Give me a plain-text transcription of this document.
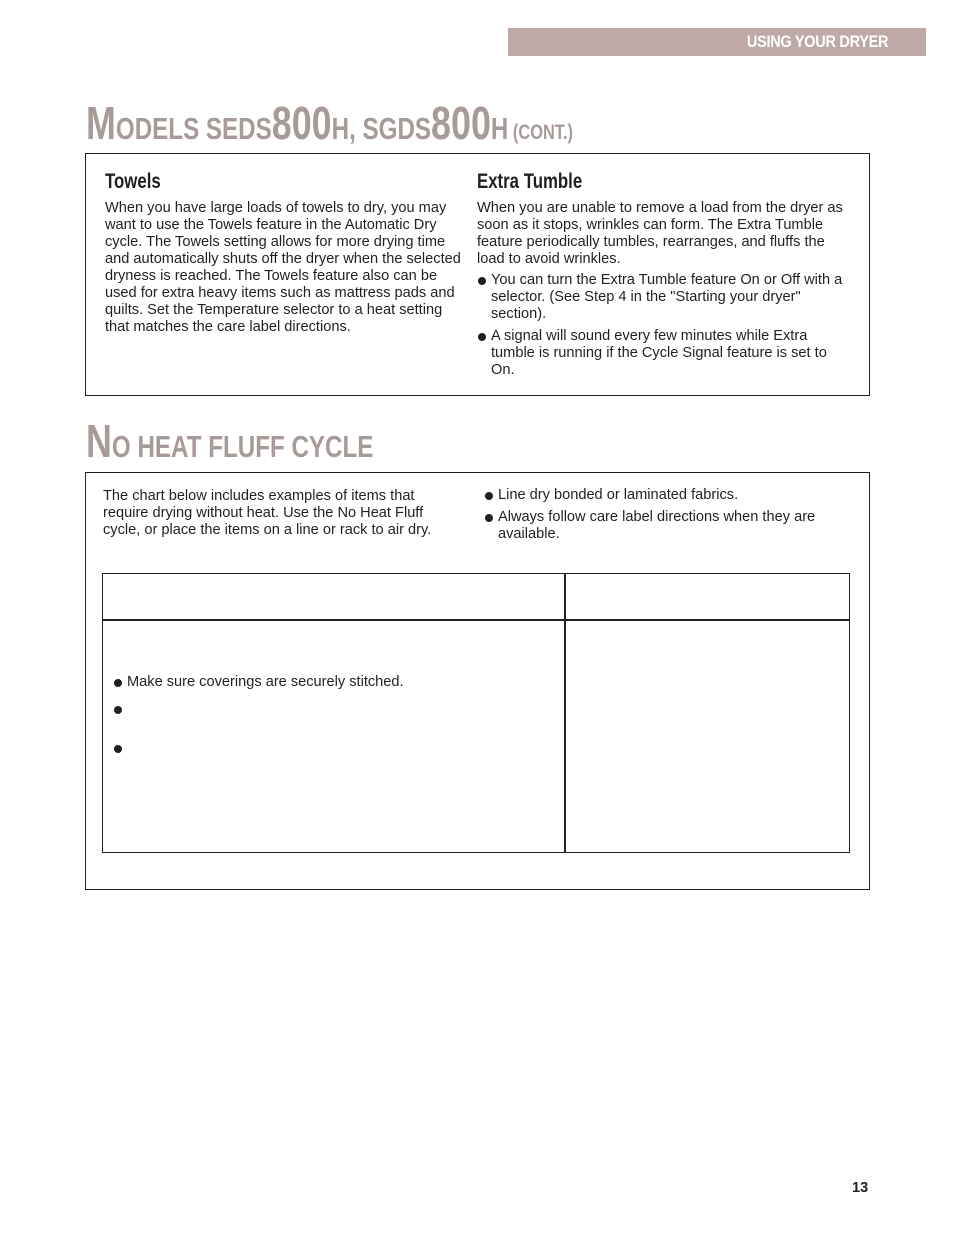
USING YOUR DRYER
MODELS SEDS800H, SGDS800H (CONT.)
Towels

When you have large loads of towels to dry, you may want to use the Towels feature in the Automatic Dry cycle. The Towels setting allows for more drying time and automatically shuts off the dryer when the selected dryness is reached. The Towels feature also can be used for extra heavy items such as mattress pads and quilts. Set the Temperature selector to a heat setting that matches the care label directions.

Extra Tumble

When you are unable to remove a load from the dryer as soon as it stops, wrinkles can form. The Extra Tumble feature periodically tumbles, rearranges, and fluffs the load to avoid wrinkles.

You can turn the Extra Tumble feature On or Off with a selector. (See Step 4 in the "Starting your dryer" section).
A signal will sound every few minutes while Extra tumble is running if the Cycle Signal feature is set to On.
NO HEAT FLUFF CYCLE

The chart below includes examples of items that require drying without heat. Use the No Heat Fluff cycle, or place the items on a line or rack to air dry.

Line dry bonded or laminated fabrics.
Always follow care label directions when they are available.
Make sure coverings are securely stitched.

13
